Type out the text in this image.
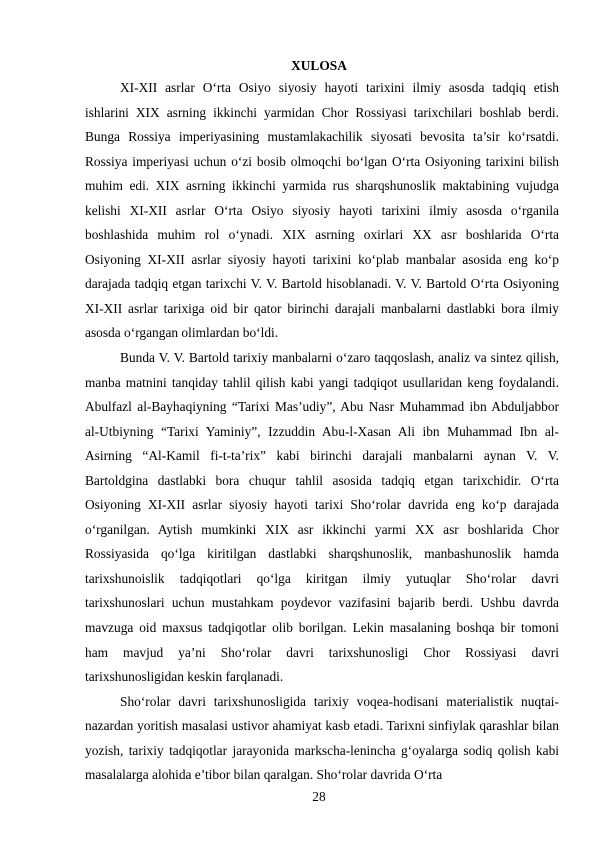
XULOSA

XI-XII asrlar O‘rta Osiyo siyosiy hayoti tarixini ilmiy asosda tadqiq etish ishlarini XIX asrning ikkinchi yarmidan Chor Rossiyasi tarixchilari boshlab berdi. Bunga Rossiya imperiyasining mustamlakachilik siyosati bevosita ta’sir ko‘rsatdi. Rossiya imperiyasi uchun o‘zi bosib olmoqchi bo‘lgan O‘rta Osiyoning tarixini bilish muhim edi. XIX asrning ikkinchi yarmida rus sharqshunoslik maktabining vujudga kelishi XI-XII asrlar O‘rta Osiyo siyosiy hayoti tarixini ilmiy asosda o‘rganila boshlashida muhim rol o‘ynadi. XIX asrning oxirlari XX asr boshlarida O‘rta Osiyoning XI-XII asrlar siyosiy hayoti tarixini ko‘plab manbalar asosida eng ko‘p darajada tadqiq etgan tarixchi V. V. Bartold hisoblanadi. V. V. Bartold O‘rta Osiyoning XI-XII asrlar tarixiga oid bir qator birinchi darajali manbalarni dastlabki bora ilmiy asosda o‘rgangan olimlardan bo‘ldi.

Bunda V. V. Bartold tarixiy manbalarni o‘zaro taqqoslash, analiz va sintez qilish, manba matnini tanqiday tahlil qilish kabi yangi tadqiqot usullaridan keng foydalandi. Abulfazl al-Bayhaqiyning “Tarixi Mas’udiy”, Abu Nasr Muhammad ibn Abduljabbor al-Utbiyning “Tarixi Yaminiy”, Izzuddin Abu-l-Xasan Ali ibn Muhammad Ibn al-Asirning “Al-Kamil fi-t-ta’rix” kabi birinchi darajali manbalarni aynan V. V. Bartoldgina dastlabki bora chuqur tahlil asosida tadqiq etgan tarixchidir. O‘rta Osiyoning XI-XII asrlar siyosiy hayoti tarixi Sho‘rolar davrida eng ko‘p darajada o‘rganilgan. Aytish mumkinki XIX asr ikkinchi yarmi XX asr boshlarida Chor Rossiyasida qo‘lga kiritilgan dastlabki sharqshunoslik, manbashunoslik hamda tarixshunoislik tadqiqotlari qo‘lga kiritgan ilmiy yutuqlar Sho‘rolar davri tarixshunoslari uchun mustahkam poydevor vazifasini bajarib berdi. Ushbu davrda mavzuga oid maxsus tadqiqotlar olib borilgan. Lekin masalaning boshqa bir tomoni ham mavjud ya’ni Sho‘rolar davri tarixshunosligi Chor Rossiyasi davri tarixshunosligidan keskin farqlanadi.

Sho‘rolar davri tarixshunosligida tarixiy voqea-hodisani materialistik nuqtai-nazardan yoritish masalasi ustivor ahamiyat kasb etadi. Tarixni sinfiylak qarashlar bilan yozish, tarixiy tadqiqotlar jarayonida markscha-lenincha g‘oyalarga sodiq qolish kabi masalalarga alohida e’tibor bilan qaralgan. Sho‘rolar davrida O‘rta

28
